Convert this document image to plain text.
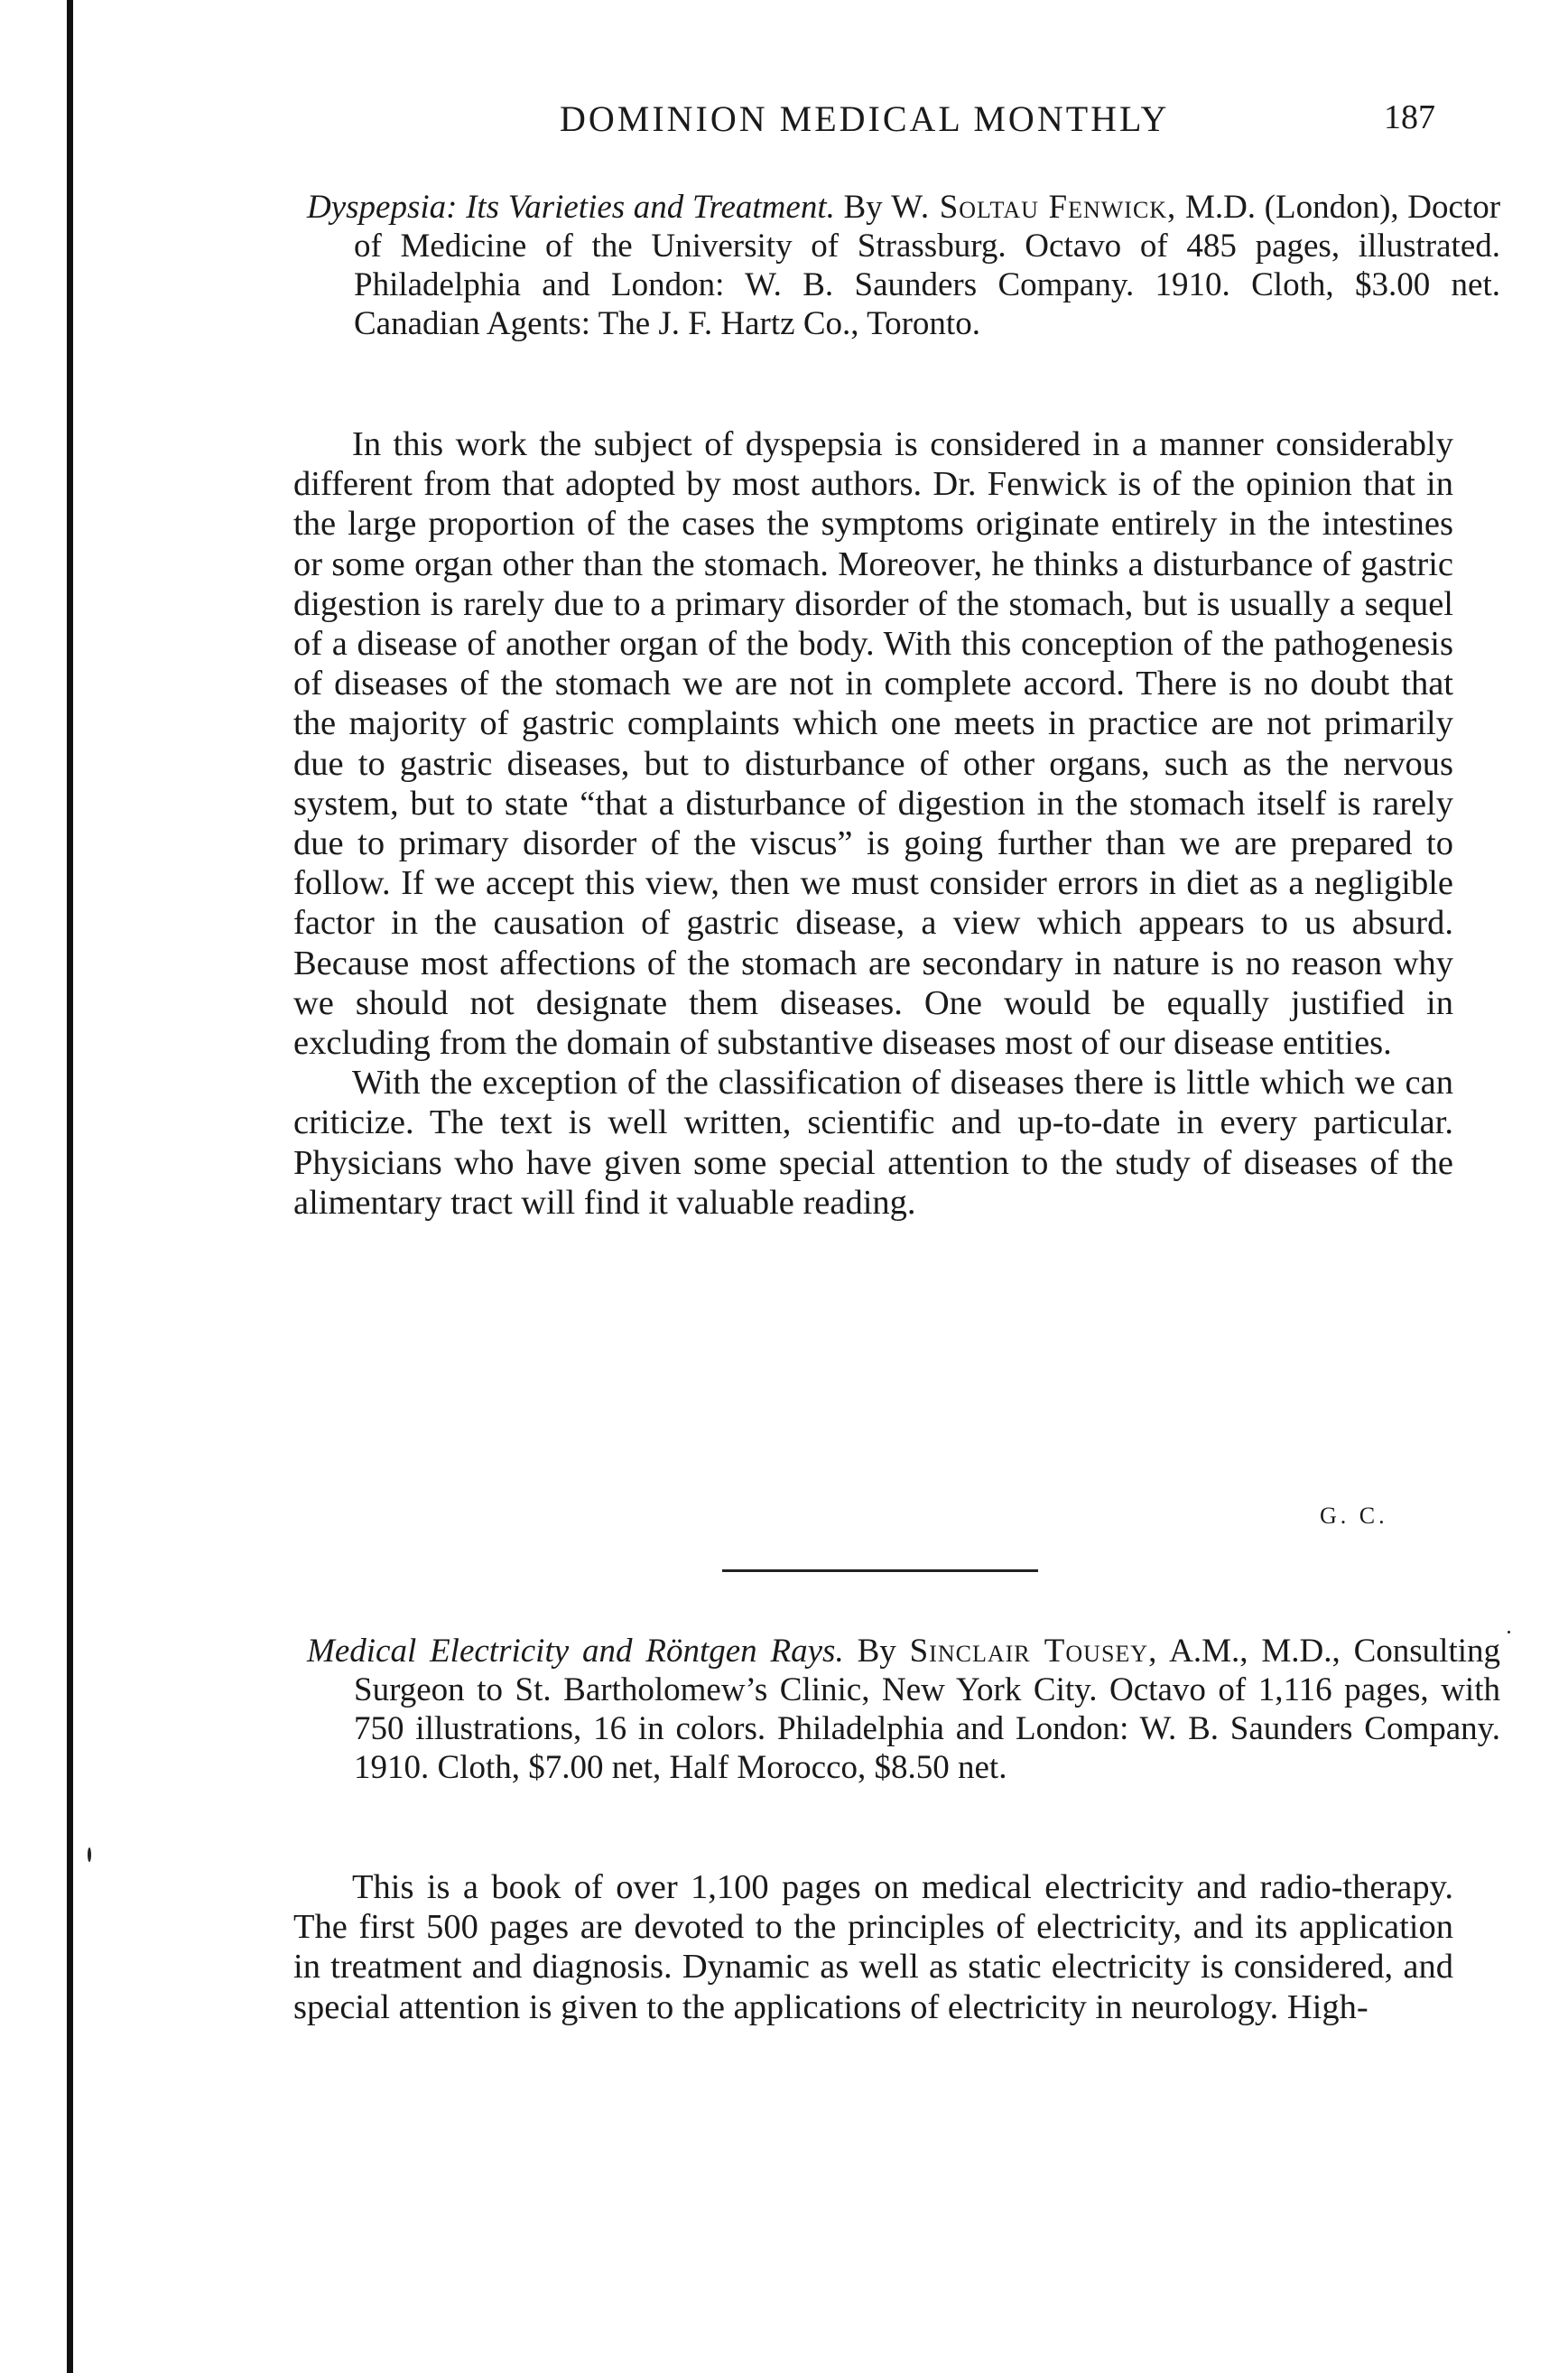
DOMINION MEDICAL MONTHLY	187
Dyspepsia: Its Varieties and Treatment. By W. Soltau Fenwick, M.D. (London), Doctor of Medicine of the University of Strassburg. Octavo of 485 pages, illustrated. Philadelphia and London: W. B. Saunders Company. 1910. Cloth, $3.00 net. Canadian Agents: The J. F. Hartz Co., Toronto.

In this work the subject of dyspepsia is considered in a manner considerably different from that adopted by most authors. Dr. Fenwick is of the opinion that in the large proportion of the cases the symptoms originate entirely in the intestines or some organ other than the stomach. Moreover, he thinks a disturbance of gastric digestion is rarely due to a primary disorder of the stomach, but is usually a sequel of a disease of another organ of the body. With this conception of the pathogenesis of diseases of the stomach we are not in complete accord. There is no doubt that the majority of gastric complaints which one meets in practice are not primarily due to gastric diseases, but to disturbance of other organs, such as the nervous system, but to state “that a disturbance of digestion in the stomach itself is rarely due to primary disorder of the viscus” is going further than we are prepared to follow. If we accept this view, then we must consider errors in diet as a negligible factor in the causation of gastric disease, a view which appears to us absurd. Because most affections of the stomach are secondary in nature is no reason why we should not designate them diseases. One would be equally justified in excluding from the domain of substantive diseases most of our disease entities.

With the exception of the classification of diseases there is little which we can criticize. The text is well written, scientific and up-to-date in every particular. Physicians who have given some special attention to the study of diseases of the alimentary tract will find it valuable reading.

G. C.
Medical Electricity and Röntgen Rays. By Sinclair Tousey, A.M., M.D., Consulting Surgeon to St. Bartholomew’s Clinic, New York City. Octavo of 1,116 pages, with 750 illustrations, 16 in colors. Philadelphia and London: W. B. Saunders Company. 1910. Cloth, $7.00 net, Half Morocco, $8.50 net.

This is a book of over 1,100 pages on medical electricity and radio-therapy. The first 500 pages are devoted to the principles of electricity, and its application in treatment and diagnosis. Dynamic as well as static electricity is considered, and special attention is given to the applications of electricity in neurology. High-
